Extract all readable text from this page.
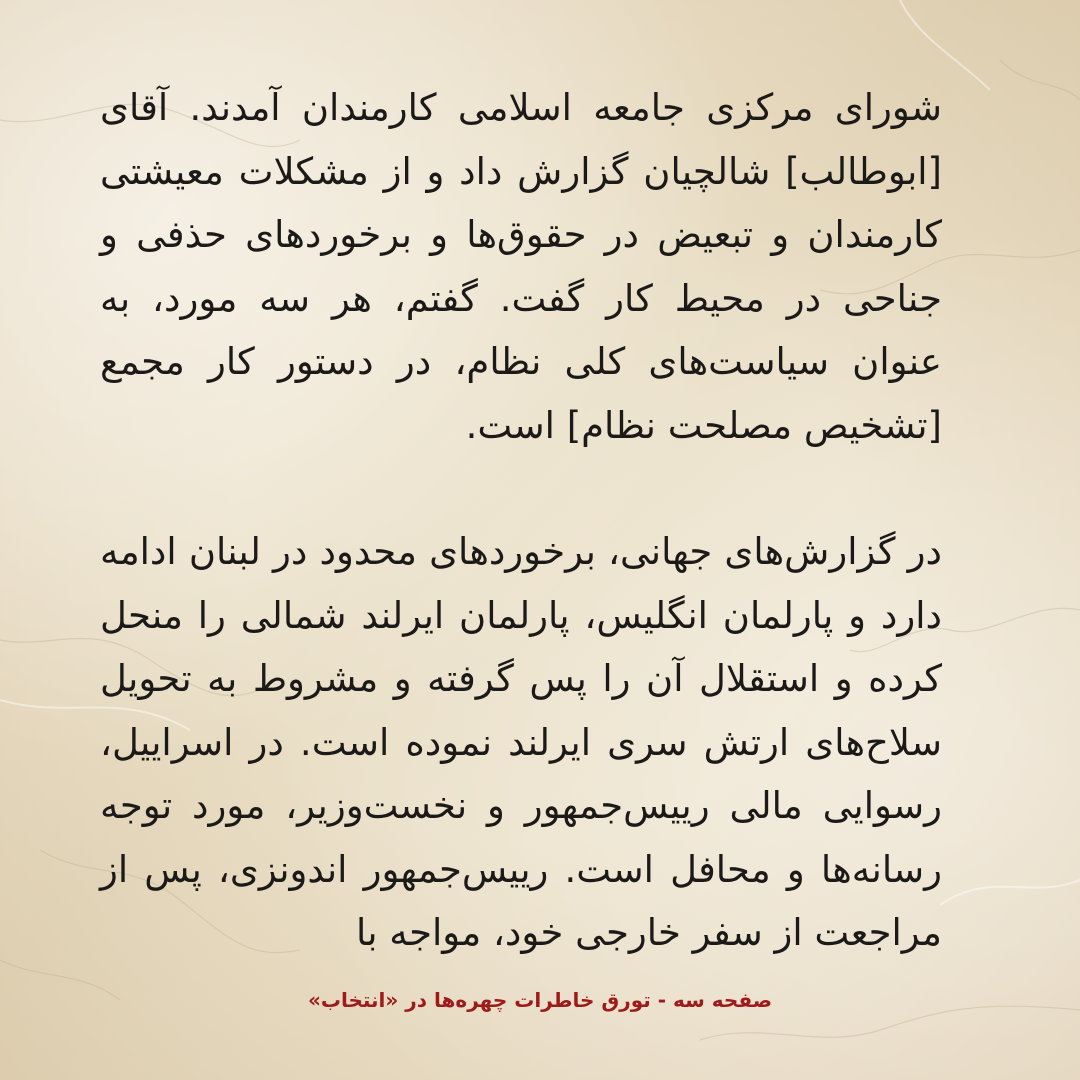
شورای مرکزی جامعه اسلامی کارمندان آمدند. آقای [ابوطالب] شالچیان گزارش داد و از مشکلات معیشتی کارمندان و تبعیض در حقوق‌ها و برخوردهای حذفی و جناحی در محیط کار گفت. گفتم، هر سه مورد، به عنوان سیاست‌های کلی نظام، در دستور کار مجمع [تشخیص مصلحت نظام] است.

در گزارش‌های جهانی، برخوردهای محدود در لبنان ادامه دارد و پارلمان انگلیس، پارلمان ایرلند شمالی را منحل کرده و استقلال آن را پس گرفته و مشروط به تحویل سلاح‌های ارتش سری ایرلند نموده است. در اسراییل، رسوایی مالی رییس‌جمهور و نخست‌وزیر، مورد توجه رسانه‌ها و محافل است. رییس‌جمهور اندونزی، پس از مراجعت از سفر خارجی خود، مواجه با

صفحه سه - تورق خاطرات چهره‌ها در «انتخاب»
